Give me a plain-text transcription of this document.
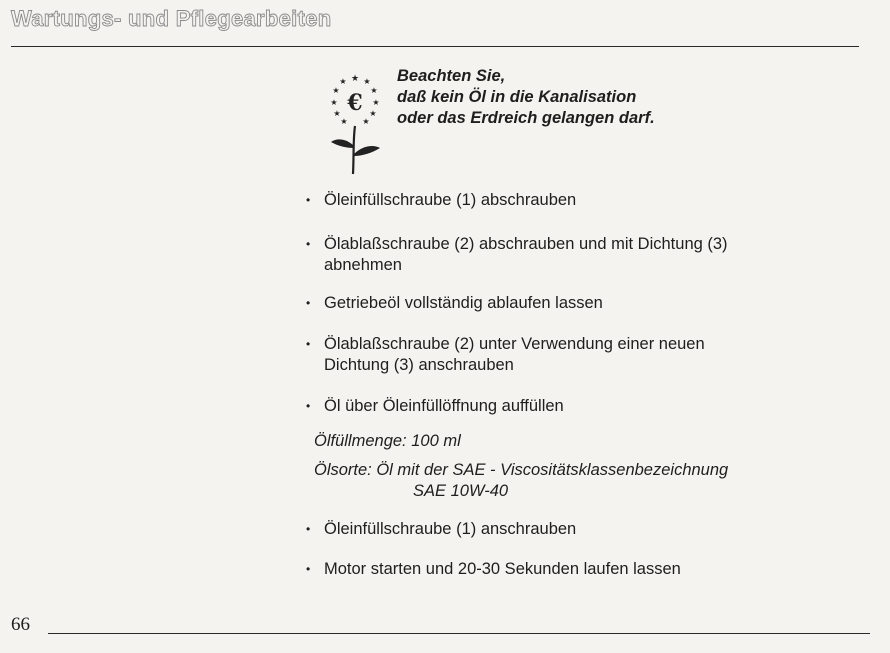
Wartungs- und Pflegearbeiten
★ ★
★
★
★
★
★
★
★
★
★
€
Beachten Sie,
daß kein Öl in die Kanalisation
oder das Erdreich gelangen darf.
• Öleinfüllschraube (1) abschrauben
• Ölablaßschraube (2) abschrauben und mit Dichtung (3)
abnehmen
• Getriebeöl vollständig ablaufen lassen
• Ölablaßschraube (2) unter Verwendung einer neuen
Dichtung (3) anschrauben
• Öl über Öleinfüllöffnung auffüllen
Ölfüllmenge: 100 ml
Ölsorte: Öl mit der SAE - Viscositätsklassenbezeichnung
SAE 10W-40
• Öleinfüllschraube (1) anschrauben
• Motor starten und 20-30 Sekunden laufen lassen
66
